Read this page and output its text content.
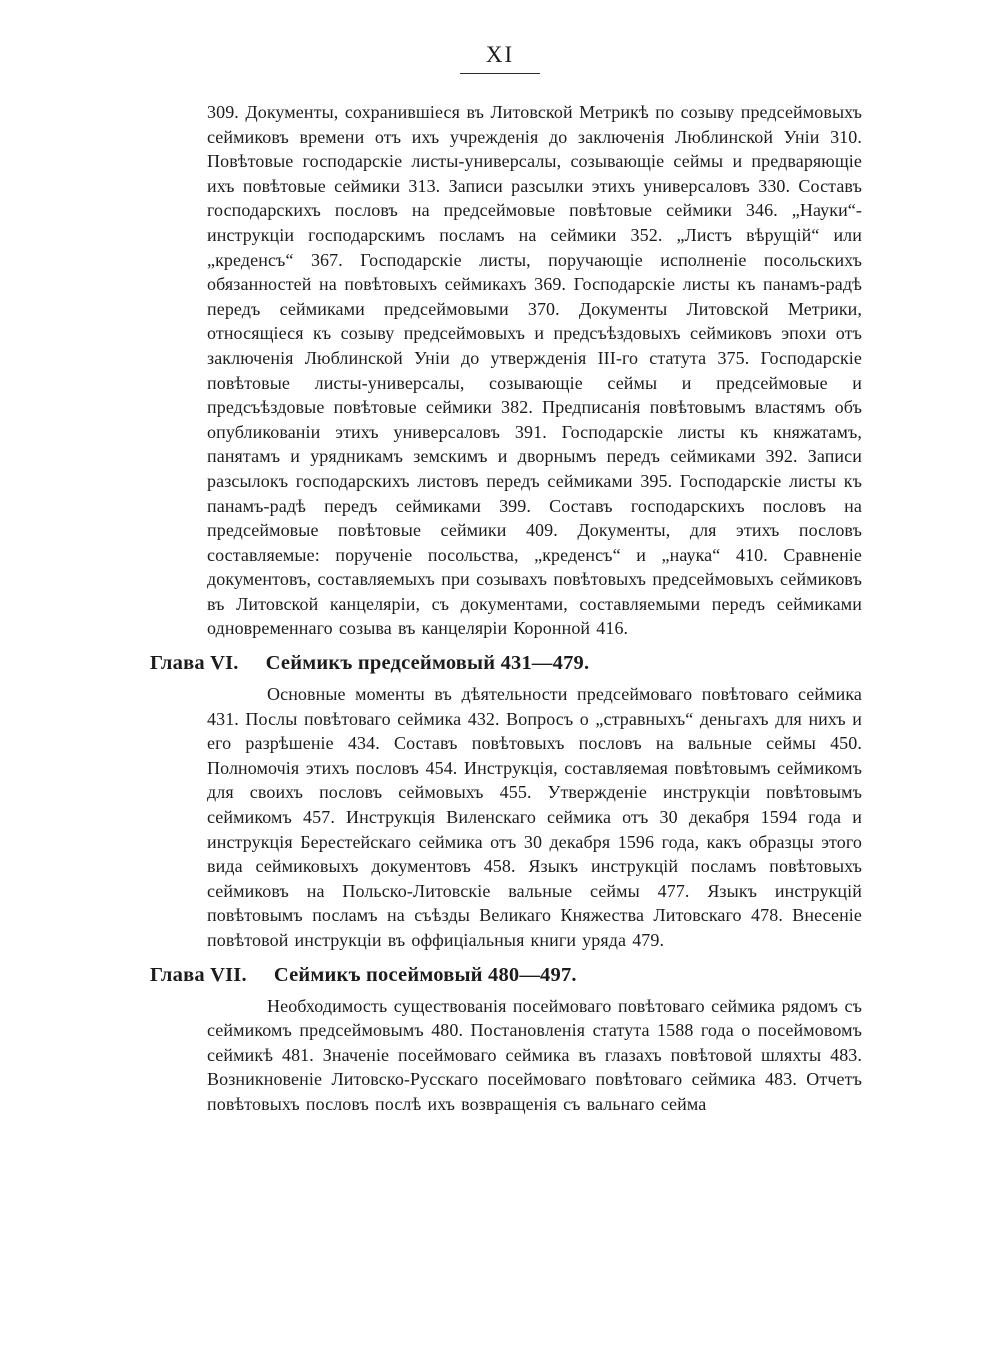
XI

309. Документы, сохранившіеся въ Литовской Метрикѣ по созыву предсеймовыхъ сеймиковъ времени отъ ихъ учрежденія до заключенія Люблинской Уніи 310. Повѣтовые господарскіе листы-универсалы, созывающіе сеймы и предваряющіе ихъ повѣтовые сеймики 313. Записи разсылки этихъ универсаловъ 330. Составъ господарскихъ пословъ на предсеймовые повѣтовые сеймики 346. „Науки“-инструкціи господарскимъ посламъ на сеймики 352. „Листъ вѣрущій“ или „креденсъ“ 367. Господарскіе листы, поручающіе исполненіе посольскихъ обязанностей на повѣтовыхъ сеймикахъ 369. Господарскіе листы къ панамъ-радѣ передъ сеймиками предсеймовыми 370. Документы Литовской Метрики, относящіеся къ созыву предсеймовыхъ и предсъѣздовыхъ сеймиковъ эпохи отъ заключенія Люблинской Уніи до утвержденія III-го статута 375. Господарскіе повѣтовые листы-универсалы, созывающіе сеймы и предсеймовые и предсъѣздовые повѣтовые сеймики 382. Предписанія повѣтовымъ властямъ объ опубликованіи этихъ универсаловъ 391. Господарскіе листы къ княжатамъ, панятамъ и урядникамъ земскимъ и дворнымъ передъ сеймиками 392. Записи разсылокъ господарскихъ листовъ передъ сеймиками 395. Господарскіе листы къ панамъ-радѣ передъ сеймиками 399. Составъ господарскихъ пословъ на предсеймовые повѣтовые сеймики 409. Документы, для этихъ пословъ составляемые: порученіе посольства, „креденсъ“ и „наука“ 410. Сравненіе документовъ, составляемыхъ при созывахъ повѣтовыхъ предсеймовыхъ сеймиковъ въ Литовской канцеляріи, съ документами, составляемыми передъ сеймиками одновременнаго созыва въ канцеляріи Коронной 416.

Глава VI. Сеймикъ предсеймовый 431—479.

Основные моменты въ дѣятельности предсеймоваго повѣтоваго сеймика 431. Послы повѣтоваго сеймика 432. Вопросъ о „стравныхъ“ деньгахъ для нихъ и его разрѣшеніе 434. Составъ повѣтовыхъ пословъ на вальные сеймы 450. Полномочія этихъ пословъ 454. Инструкція, составляемая повѣтовымъ сеймикомъ для своихъ пословъ сеймовыхъ 455. Утвержденіе инструкціи повѣтовымъ сеймикомъ 457. Инструкція Виленскаго сеймика отъ 30 декабря 1594 года и инструкція Берестейскаго сеймика отъ 30 декабря 1596 года, какъ образцы этого вида сеймиковыхъ документовъ 458. Языкъ инструкцій посламъ повѣтовыхъ сеймиковъ на Польско-Литовскіе вальные сеймы 477. Языкъ инструкцій повѣтовымъ посламъ на съѣзды Великаго Княжества Литовскаго 478. Внесеніе повѣтовой инструкціи въ оффиціальныя книги уряда 479.

Глава VII. Сеймикъ посеймовый 480—497.

Необходимость существованія посеймоваго повѣтоваго сеймика рядомъ съ сеймикомъ предсеймовымъ 480. Постановленія статута 1588 года о посеймовомъ сеймикѣ 481. Значеніе посеймоваго сеймика въ глазахъ повѣтовой шляхты 483. Возникновеніе Литовско-Русскаго посеймоваго повѣтоваго сеймика 483. Отчетъ повѣтовыхъ пословъ послѣ ихъ возвращенія съ вальнаго сейма
